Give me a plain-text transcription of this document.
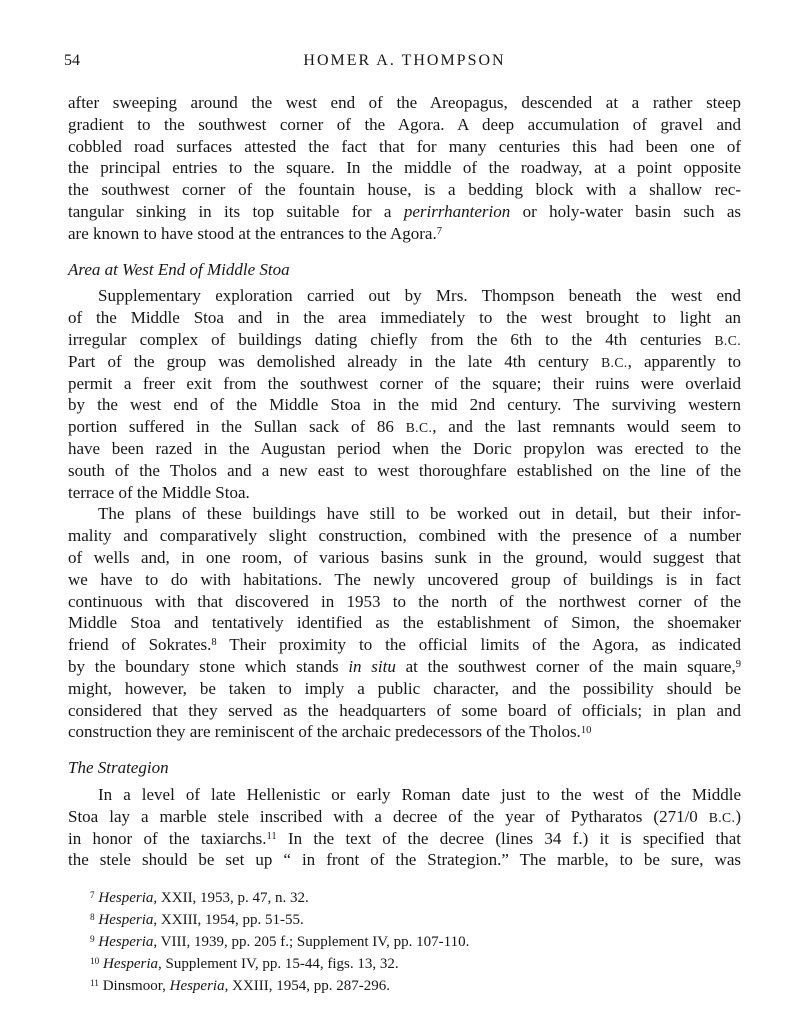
54	HOMER A. THOMPSON
after sweeping around the west end of the Areopagus, descended at a rather steep
gradient to the southwest corner of the Agora. A deep accumulation of gravel and
cobbled road surfaces attested the fact that for many centuries this had been one of
the principal entries to the square. In the middle of the roadway, at a point opposite
the southwest corner of the fountain house, is a bedding block with a shallow rec-
tangular sinking in its top suitable for a perirrhanterion or holy-water basin such as
are known to have stood at the entrances to the Agora.$^7$
Area at West End of Middle Stoa
Supplementary exploration carried out by Mrs. Thompson beneath the west end
of the Middle Stoa and in the area immediately to the west brought to light an
irregular complex of buildings dating chiefly from the 6th to the 4th centuries B.C.
Part of the group was demolished already in the late 4th century B.C., apparently to
permit a freer exit from the southwest corner of the square; their ruins were overlaid
by the west end of the Middle Stoa in the mid 2nd century. The surviving western
portion suffered in the Sullan sack of 86 B.C., and the last remnants would seem to
have been razed in the Augustan period when the Doric propylon was erected to the
south of the Tholos and a new east to west thoroughfare established on the line of the
terrace of the Middle Stoa.
The plans of these buildings have still to be worked out in detail, but their infor-
mality and comparatively slight construction, combined with the presence of a number
of wells and, in one room, of various basins sunk in the ground, would suggest that
we have to do with habitations. The newly uncovered group of buildings is in fact
continuous with that discovered in 1953 to the north of the northwest corner of the
Middle Stoa and tentatively identified as the establishment of Simon, the shoemaker
friend of Sokrates.$^8$ Their proximity to the official limits of the Agora, as indicated
by the boundary stone which stands in situ at the southwest corner of the main square,$^9$
might, however, be taken to imply a public character, and the possibility should be
considered that they served as the headquarters of some board of officials; in plan and
construction they are reminiscent of the archaic predecessors of the Tholos.$^{10}$
The Strategion
In a level of late Hellenistic or early Roman date just to the west of the Middle
Stoa lay a marble stele inscribed with a decree of the year of Pytharatos (271/0 B.C.)
in honor of the taxiarchs.$^{11}$ In the text of the decree (lines 34 f.) it is specified that
the stele should be set up “ in front of the Strategion.” The marble, to be sure, was
$^7$ Hesperia, XXII, 1953, p. 47, n. 32.
$^8$ Hesperia, XXIII, 1954, pp. 51-55.
$^9$ Hesperia, VIII, 1939, pp. 205 f.; Supplement IV, pp. 107-110.
$^{10}$ Hesperia, Supplement IV, pp. 15-44, figs. 13, 32.
$^{11}$ Dinsmoor, Hesperia, XXIII, 1954, pp. 287-296.
